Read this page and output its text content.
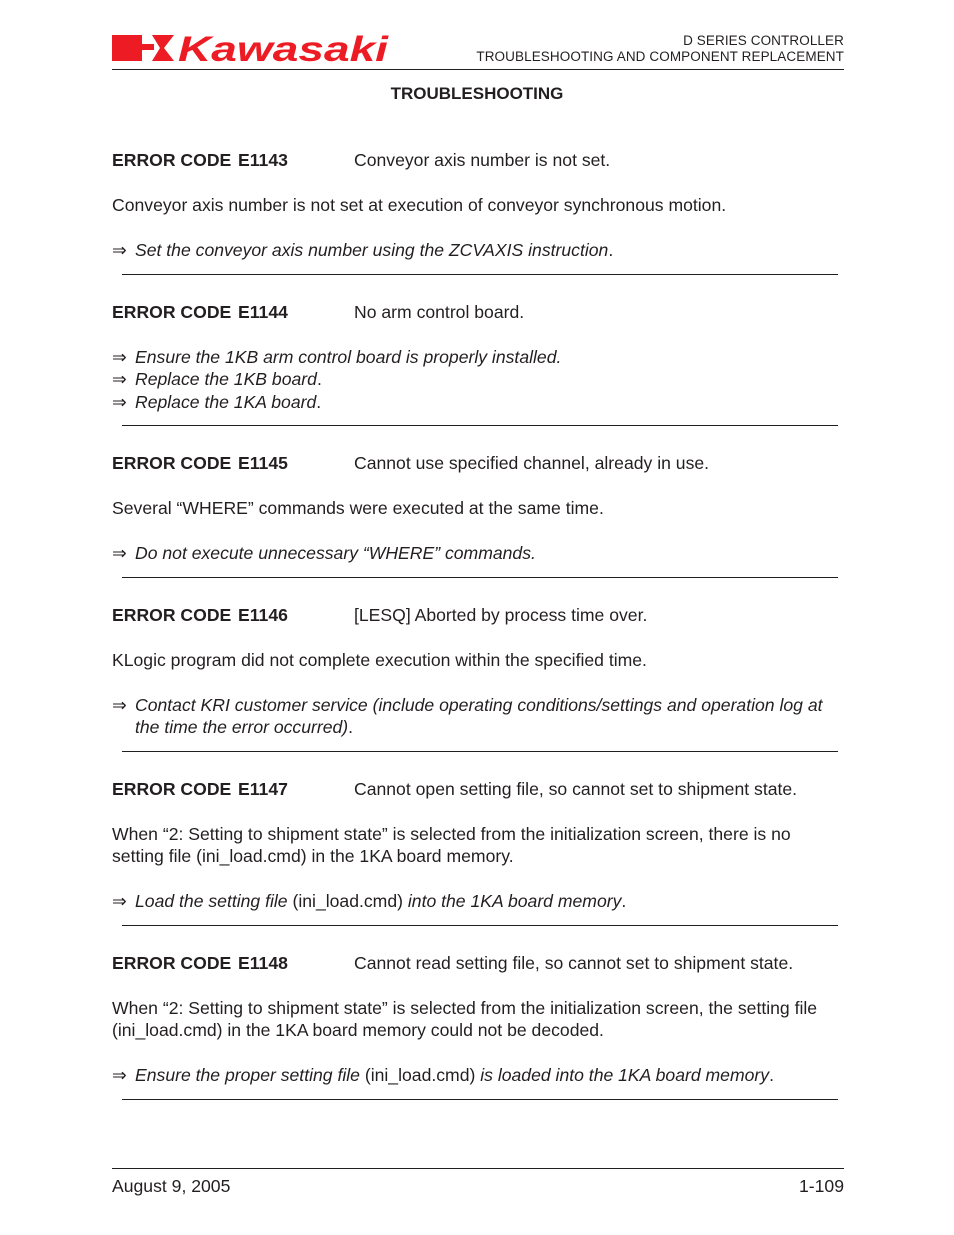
Kawasaki	D SERIES CONTROLLER
TROUBLESHOOTING AND COMPONENT REPLACEMENT
TROUBLESHOOTING
ERROR CODE E1143	Conveyor axis number is not set.
Conveyor axis number is not set at execution of conveyor synchronous motion.
⇒ Set the conveyor axis number using the ZCVAXIS instruction.
ERROR CODE E1144	No arm control board.
⇒ Ensure the 1KB arm control board is properly installed.
⇒ Replace the 1KB board.
⇒ Replace the 1KA board.
ERROR CODE E1145	Cannot use specified channel, already in use.
Several “WHERE” commands were executed at the same time.
⇒ Do not execute unnecessary “WHERE” commands.
ERROR CODE E1146	[LESQ] Aborted by process time over.
KLogic program did not complete execution within the specified time.
⇒ Contact KRI customer service (include operating conditions/settings and operation log at the time the error occurred).
ERROR CODE E1147	Cannot open setting file, so cannot set to shipment state.
When “2: Setting to shipment state” is selected from the initialization screen, there is no setting file (ini_load.cmd) in the 1KA board memory.
⇒ Load the setting file (ini_load.cmd) into the 1KA board memory.
ERROR CODE E1148	Cannot read setting file, so cannot set to shipment state.
When “2: Setting to shipment state” is selected from the initialization screen, the setting file (ini_load.cmd) in the 1KA board memory could not be decoded.
⇒ Ensure the proper setting file (ini_load.cmd) is loaded into the 1KA board memory.
August 9, 2005	1-109
